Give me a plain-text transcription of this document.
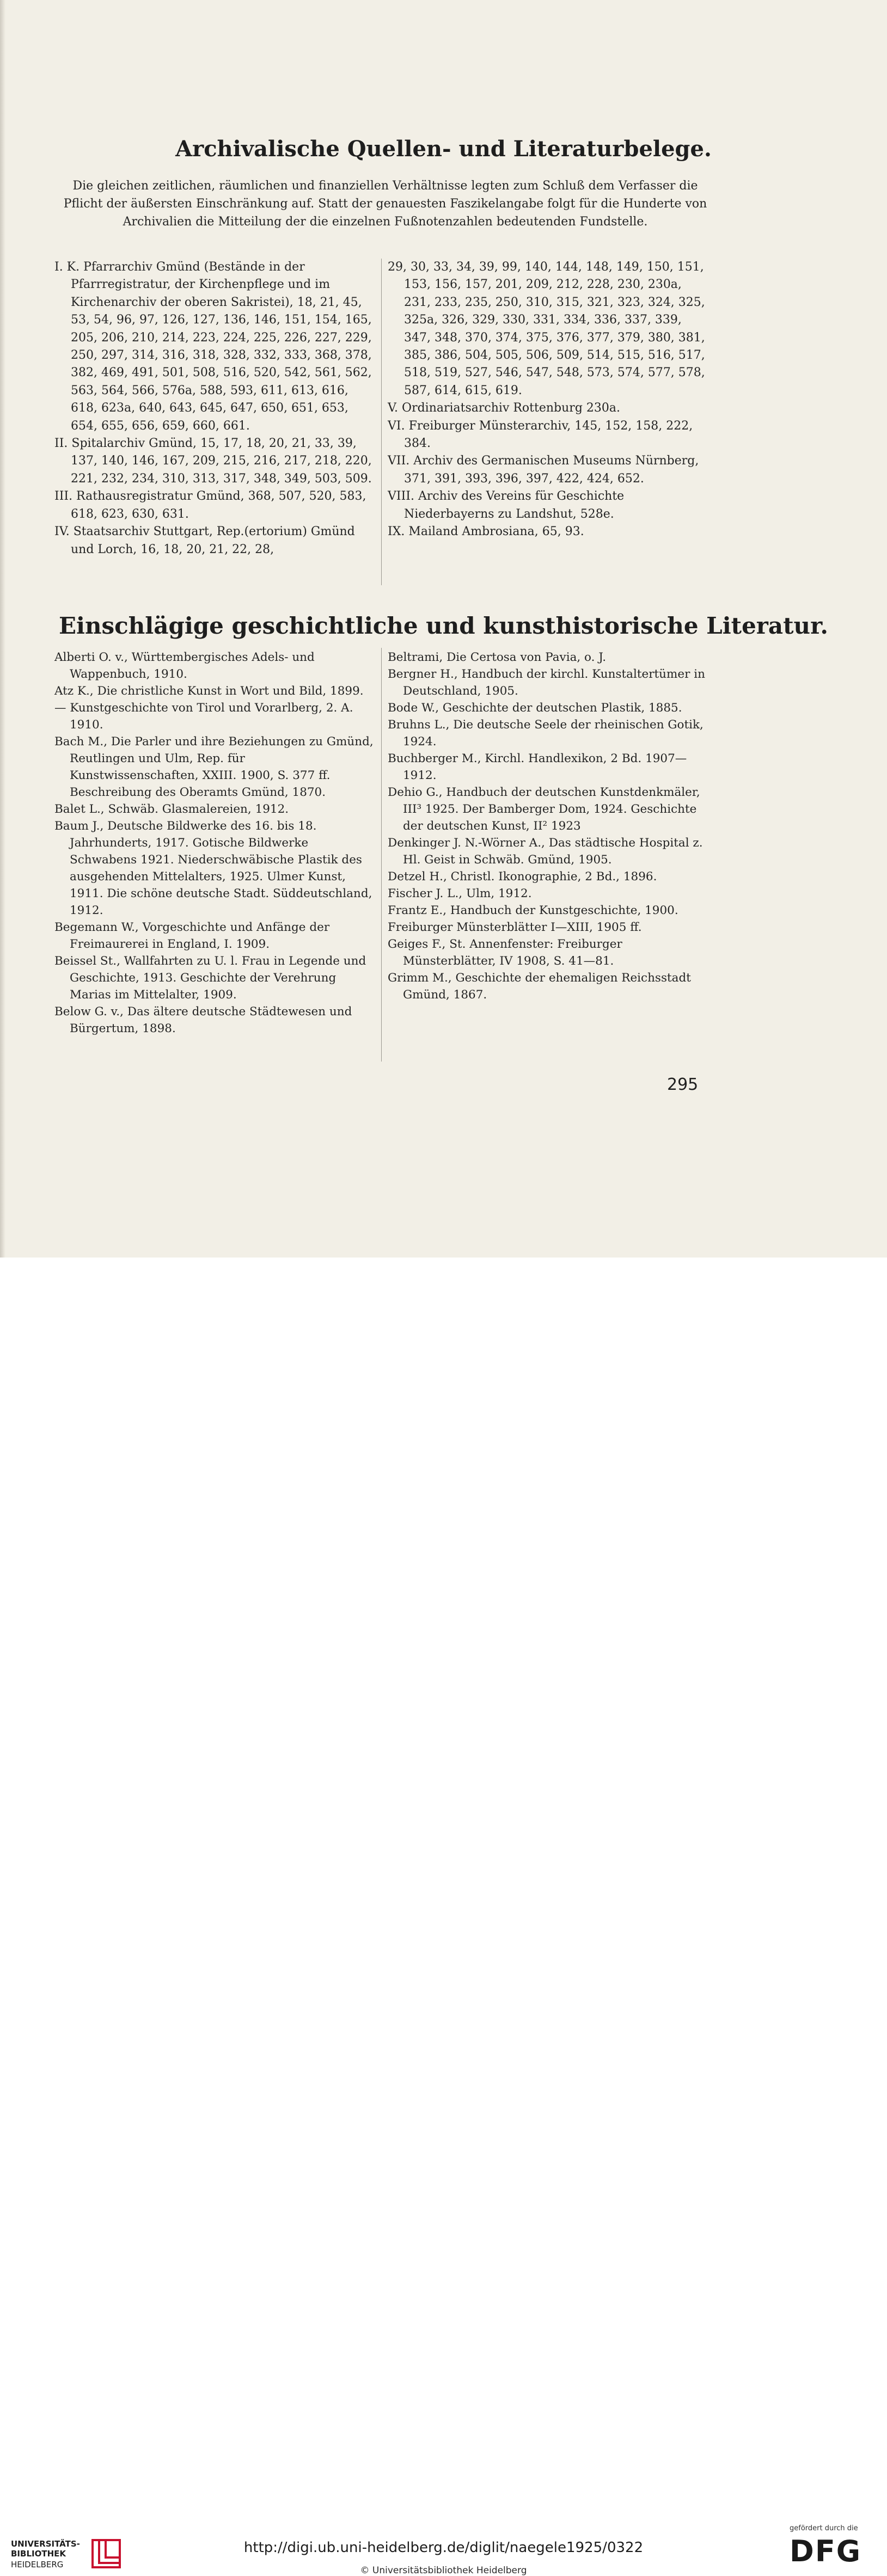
Archivalische Quellen- und Literaturbelege.
Die gleichen zeitlichen, räumlichen und finanziellen Verhältnisse legten zum Schluß dem Verfasser die Pflicht der äußersten Einschränkung auf. Statt der genauesten Faszikelangabe folgt für die Hunderte von Archivalien die Mitteilung der die einzelnen Fußnotenzahlen bedeutenden Fundstelle.

I. K. Pfarrarchiv Gmünd (Bestände in der Pfarrregistratur, der Kirchenpflege und im Kirchenarchiv der oberen Sakristei), 18, 21, 45, 53, 54, 96, 97, 126, 127, 136, 146, 151, 154, 165, 205, 206, 210, 214, 223, 224, 225, 226, 227, 229, 250, 297, 314, 316, 318, 328, 332, 333, 368, 378, 382, 469, 491, 501, 508, 516, 520, 542, 561, 562, 563, 564, 566, 576a, 588, 593, 611, 613, 616, 618, 623a, 640, 643, 645, 647, 650, 651, 653, 654, 655, 656, 659, 660, 661.

II. Spitalarchiv Gmünd, 15, 17, 18, 20, 21, 33, 39, 137, 140, 146, 167, 209, 215, 216, 217, 218, 220, 221, 232, 234, 310, 313, 317, 348, 349, 503, 509.

III. Rathausregistratur Gmünd, 368, 507, 520, 583, 618, 623, 630, 631.

IV. Staatsarchiv Stuttgart, Rep.(ertorium) Gmünd und Lorch, 16, 18, 20, 21, 22, 28,

29, 30, 33, 34, 39, 99, 140, 144, 148, 149, 150, 151, 153, 156, 157, 201, 209, 212, 228, 230, 230a, 231, 233, 235, 250, 310, 315, 321, 323, 324, 325, 325a, 326, 329, 330, 331, 334, 336, 337, 339, 347, 348, 370, 374, 375, 376, 377, 379, 380, 381, 385, 386, 504, 505, 506, 509, 514, 515, 516, 517, 518, 519, 527, 546, 547, 548, 573, 574, 577, 578, 587, 614, 615, 619.

V. Ordinariatsarchiv Rottenburg 230a.

VI. Freiburger Münsterarchiv, 145, 152, 158, 222, 384.

VII. Archiv des Germanischen Museums Nürnberg, 371, 391, 393, 396, 397, 422, 424, 652.

VIII. Archiv des Vereins für Geschichte Niederbayerns zu Landshut, 528e.

IX. Mailand Ambrosiana, 65, 93.

Einschlägige geschichtliche und kunsthistorische Literatur.

Alberti O. v., Württembergisches Adels- und Wappenbuch, 1910.

Atz K., Die christliche Kunst in Wort und Bild, 1899.

— Kunstgeschichte von Tirol und Vorarlberg, 2. A. 1910.

Bach M., Die Parler und ihre Beziehungen zu Gmünd, Reutlingen und Ulm, Rep. für Kunstwissenschaften, XXIII. 1900, S. 377 ff. Beschreibung des Oberamts Gmünd, 1870.

Balet L., Schwäb. Glasmalereien, 1912.

Baum J., Deutsche Bildwerke des 16. bis 18. Jahrhunderts, 1917. Gotische Bildwerke Schwabens 1921. Niederschwäbische Plastik des ausgehenden Mittelalters, 1925. Ulmer Kunst, 1911. Die schöne deutsche Stadt. Süddeutschland, 1912.

Begemann W., Vorgeschichte und Anfänge der Freimaurerei in England, I. 1909.

Beissel St., Wallfahrten zu U. l. Frau in Legende und Geschichte, 1913. Geschichte der Verehrung Marias im Mittelalter, 1909.

Below G. v., Das ältere deutsche Städtewesen und Bürgertum, 1898.

Beltrami, Die Certosa von Pavia, o. J.

Bergner H., Handbuch der kirchl. Kunstaltertümer in Deutschland, 1905.

Bode W., Geschichte der deutschen Plastik, 1885.

Bruhns L., Die deutsche Seele der rheinischen Gotik, 1924.

Buchberger M., Kirchl. Handlexikon, 2 Bd. 1907—1912.

Dehio G., Handbuch der deutschen Kunstdenkmäler, III³ 1925. Der Bamberger Dom, 1924. Geschichte der deutschen Kunst, II² 1923

Denkinger J. N.-Wörner A., Das städtische Hospital z. Hl. Geist in Schwäb. Gmünd, 1905.

Detzel H., Christl. Ikonographie, 2 Bd., 1896.

Fischer J. L., Ulm, 1912.

Frantz E., Handbuch der Kunstgeschichte, 1900.

Freiburger Münsterblätter I—XIII, 1905 ff.

Geiges F., St. Annenfenster: Freiburger Münsterblätter, IV 1908, S. 41—81.

Grimm M., Geschichte der ehemaligen Reichsstadt Gmünd, 1867.

295
UNIVERSITÄTS-
BIBLIOTHEK
HEIDELBERG
http://digi.ub.uni-heidelberg.de/diglit/naegele1925/0322
© Universitätsbibliothek Heidelberg
gefördert durch die
DFG
